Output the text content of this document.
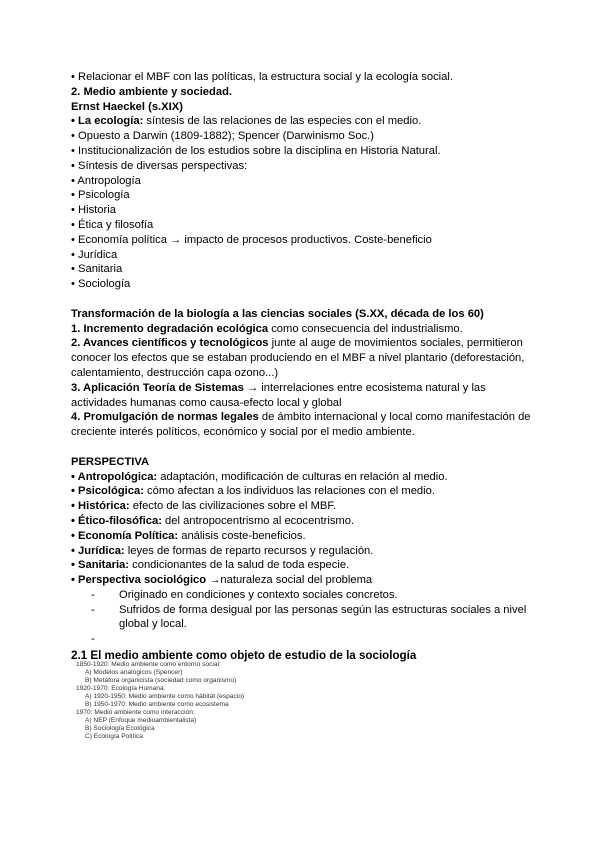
• Relacionar el MBF con las políticas, la estructura social y la ecología social.
2. Medio ambiente y sociedad.
Ernst Haeckel (s.XIX)
• La ecología: síntesis de las relaciones de las especies con el medio.
• Opuesto a Darwin (1809-1882); Spencer (Darwinismo Soc.)
• Institucionalización de los estudios sobre la disciplina en Historia Natural.
• Síntesis de diversas perspectivas:
• Antropología
• Psicología
• Historia
• Ética y filosofía
• Economía política → impacto de procesos productivos. Coste-beneficio
• Jurídica
• Sanitaria
• Sociología
Transformación de la biología a las ciencias sociales (S.XX, década de los 60)
1. Incremento degradación ecológica como consecuencia del industrialismo.
2. Avances científicos y tecnológicos junte al auge de movimientos sociales, permitieron conocer los efectos que se estaban produciendo en el MBF a nivel plantario (deforestación, calentamiento, destrucción capa ozono...)
3. Aplicación Teoría de Sistemas → interrelaciones entre ecosistema natural y las actividades humanas como causa-efecto local y global
4. Promulgación de normas legales de ámbito internacional y local como manifestación de creciente interés políticos, económico y social por el medio ambiente.
PERSPECTIVA
• Antropológica: adaptación, modificación de culturas en relación al medio.
• Psicológica: cómo afectan a los individuos las relaciones con el medio.
• Histórica: efecto de las civilizaciones sobre el MBF.
• Ético-filosófica: del antropocentrismo al ecocentrismo.
• Economía Política: análisis coste-beneficios.
• Jurídica: leyes de formas de reparto recursos y regulación.
• Sanitaria: condicionantes de la salud de toda especie.
• Perspectiva sociológico →naturaleza social del problema
- Originado en condiciones y contexto sociales concretos.
- Sufridos de forma desigual por las personas según las estructuras sociales a nivel global y local.
-

2.1 El medio ambiente como objeto de estudio de la sociología
1850-1920: Medio ambiente como entorno social:
A) Modelos analógicos (Spencer)
B) Metáfora organicista (sociedad como organismo)
1920-1970: Ecología Humana:
A) 1920-1950: Medio ambiente como hábitat (espacio)
B) 1950-1970: Medio ambiente como ecosistema
1970: Medio ambiente como interacción:
A) NEP (Enfoque medioambientalista)
B) Sociología Ecológica
C) Ecología Política
